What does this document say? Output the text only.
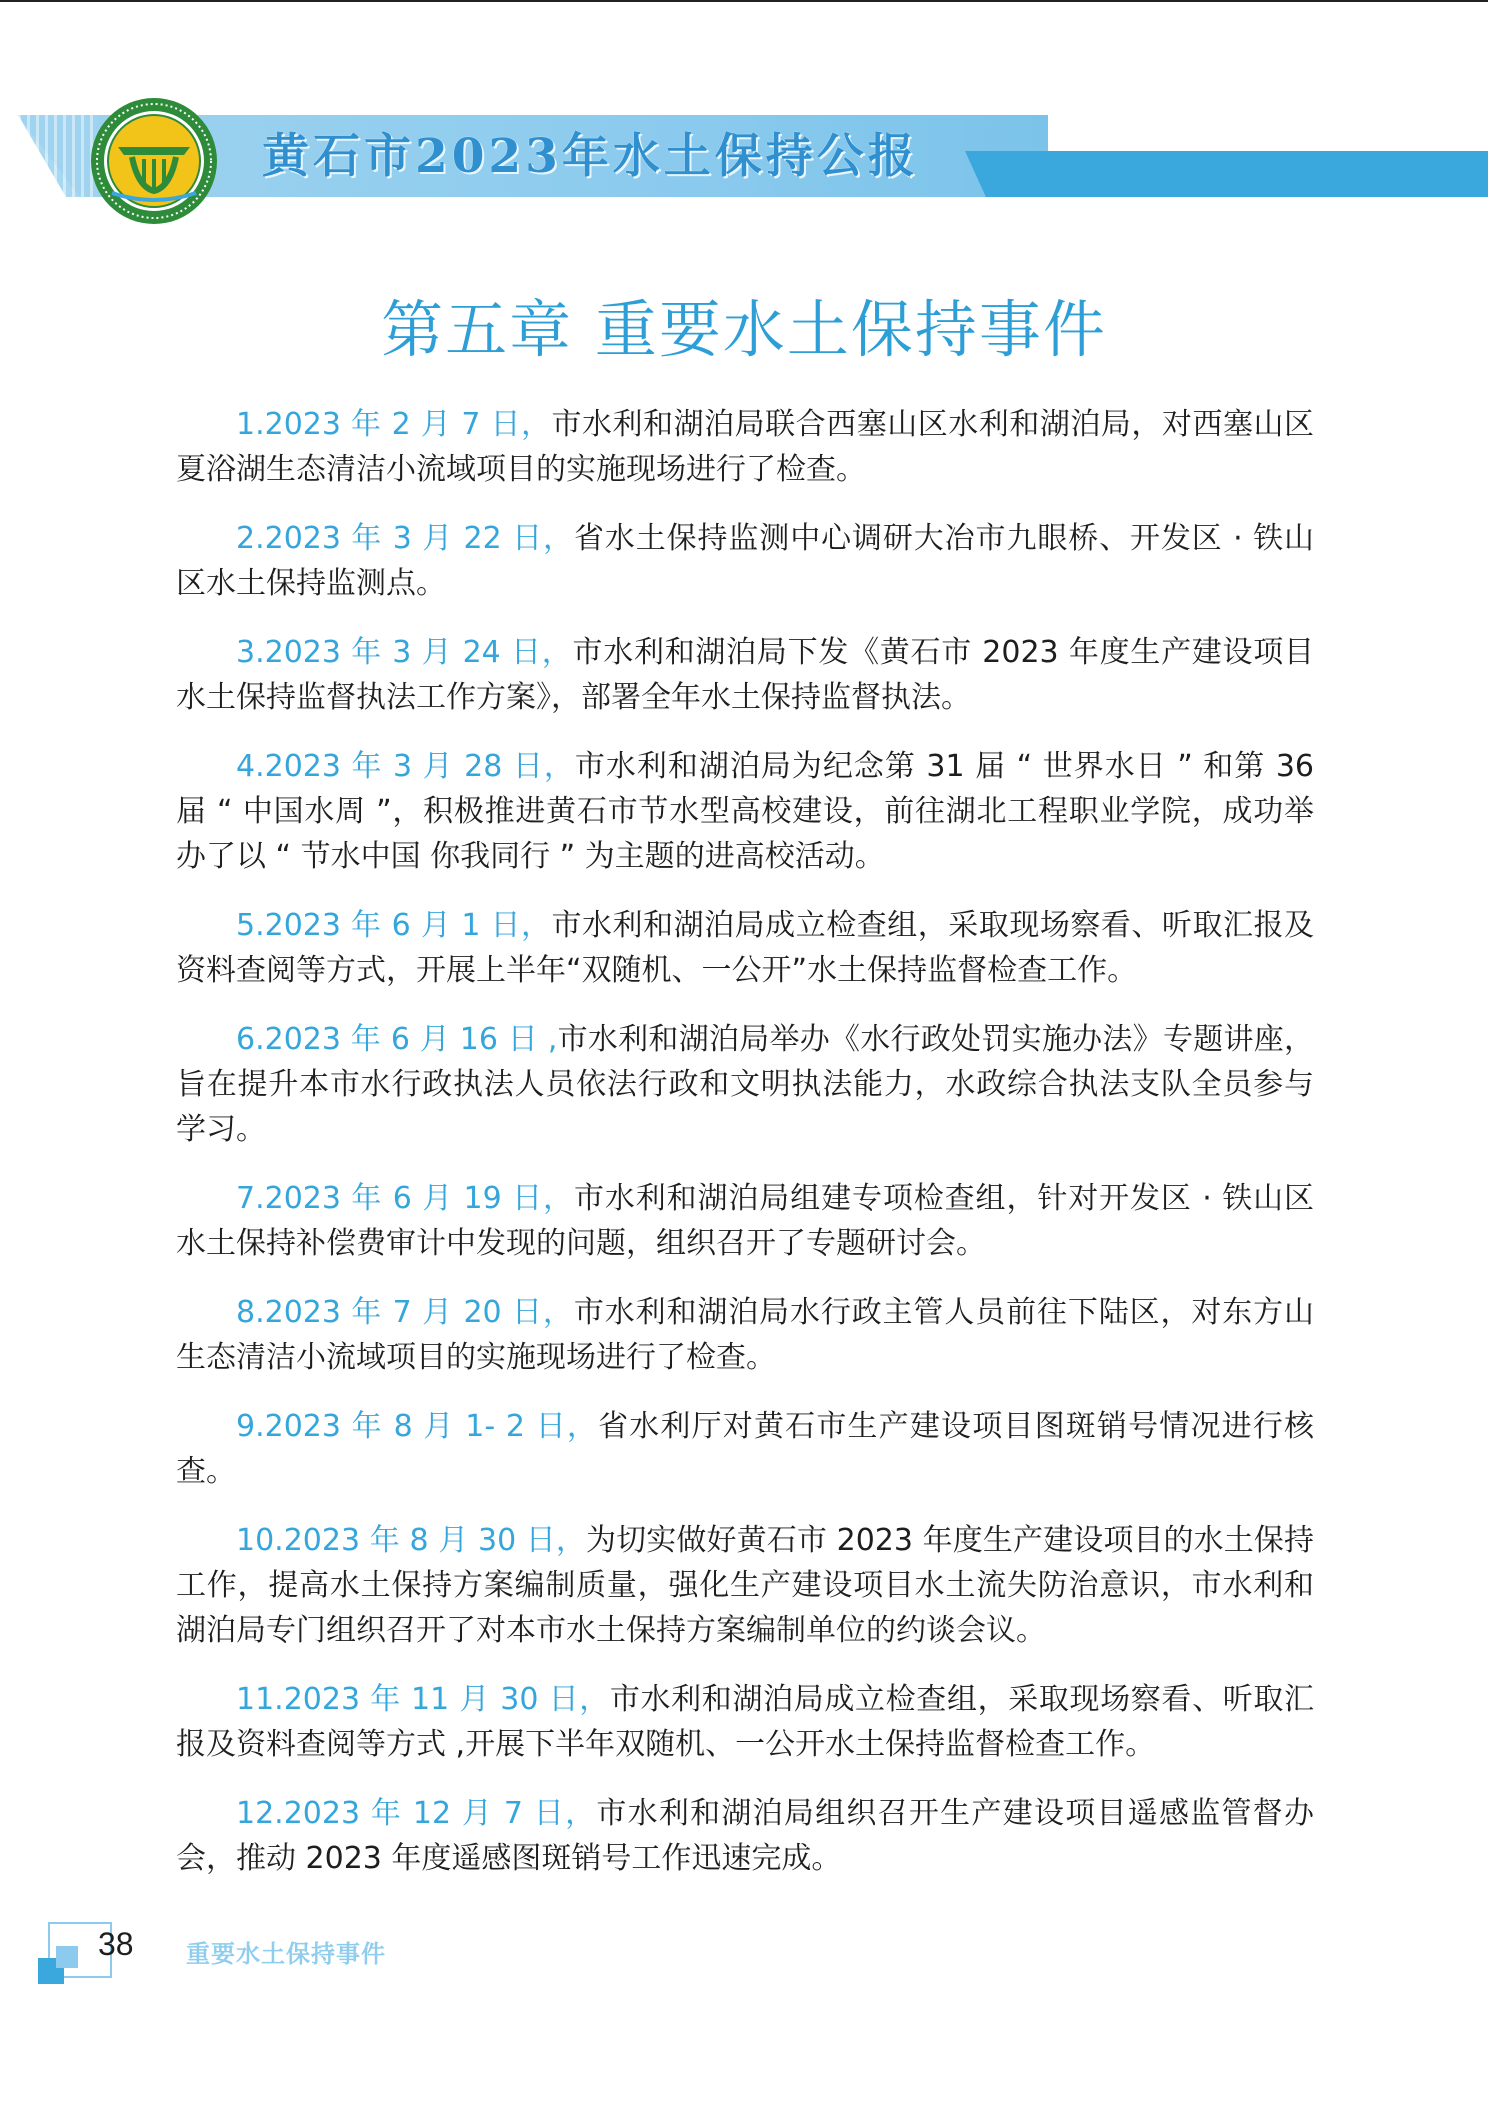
黄石市2023年水土保持公报
第五章 重要水土保持事件

1.2023 年 2 月 7 日，市水利和湖泊局联合西塞山区水利和湖泊局，对西塞山区夏浴湖生态清洁小流域项目的实施现场进行了检查。

2.2023 年 3 月 22 日，省水土保持监测中心调研大冶市九眼桥、开发区 · 铁山区水土保持监测点。

3.2023 年 3 月 24 日，市水利和湖泊局下发《黄石市 2023 年度生产建设项目水土保持监督执法工作方案》，部署全年水土保持监督执法。

4.2023 年 3 月 28 日，市水利和湖泊局为纪念第 31 届 “ 世界水日 ” 和第 36 届 “ 中国水周 ”，积极推进黄石市节水型高校建设，前往湖北工程职业学院，成功举办了以 “ 节水中国 你我同行 ” 为主题的进高校活动。

5.2023 年 6 月 1 日，市水利和湖泊局成立检查组，采取现场察看、听取汇报及资料查阅等方式，开展上半年“双随机、一公开”水土保持监督检查工作。

6.2023 年 6 月 16 日 ,市水利和湖泊局举办《水行政处罚实施办法》专题讲座，旨在提升本市水行政执法人员依法行政和文明执法能力，水政综合执法支队全员参与学习。

7.2023 年 6 月 19 日，市水利和湖泊局组建专项检查组，针对开发区 · 铁山区水土保持补偿费审计中发现的问题，组织召开了专题研讨会。

8.2023 年 7 月 20 日，市水利和湖泊局水行政主管人员前往下陆区，对东方山生态清洁小流域项目的实施现场进行了检查。

9.2023 年 8 月 1- 2 日，省水利厅对黄石市生产建设项目图斑销号情况进行核查。

10.2023 年 8 月 30 日，为切实做好黄石市 2023 年度生产建设项目的水土保持工作，提高水土保持方案编制质量，强化生产建设项目水土流失防治意识，市水利和湖泊局专门组织召开了对本市水土保持方案编制单位的约谈会议。

11.2023 年 11 月 30 日，市水利和湖泊局成立检查组，采取现场察看、听取汇报及资料查阅等方式 ,开展下半年双随机、一公开水土保持监督检查工作。

12.2023 年 12 月 7 日，市水利和湖泊局组织召开生产建设项目遥感监管督办会，推动 2023 年度遥感图斑销号工作迅速完成。

38 重要水土保持事件
